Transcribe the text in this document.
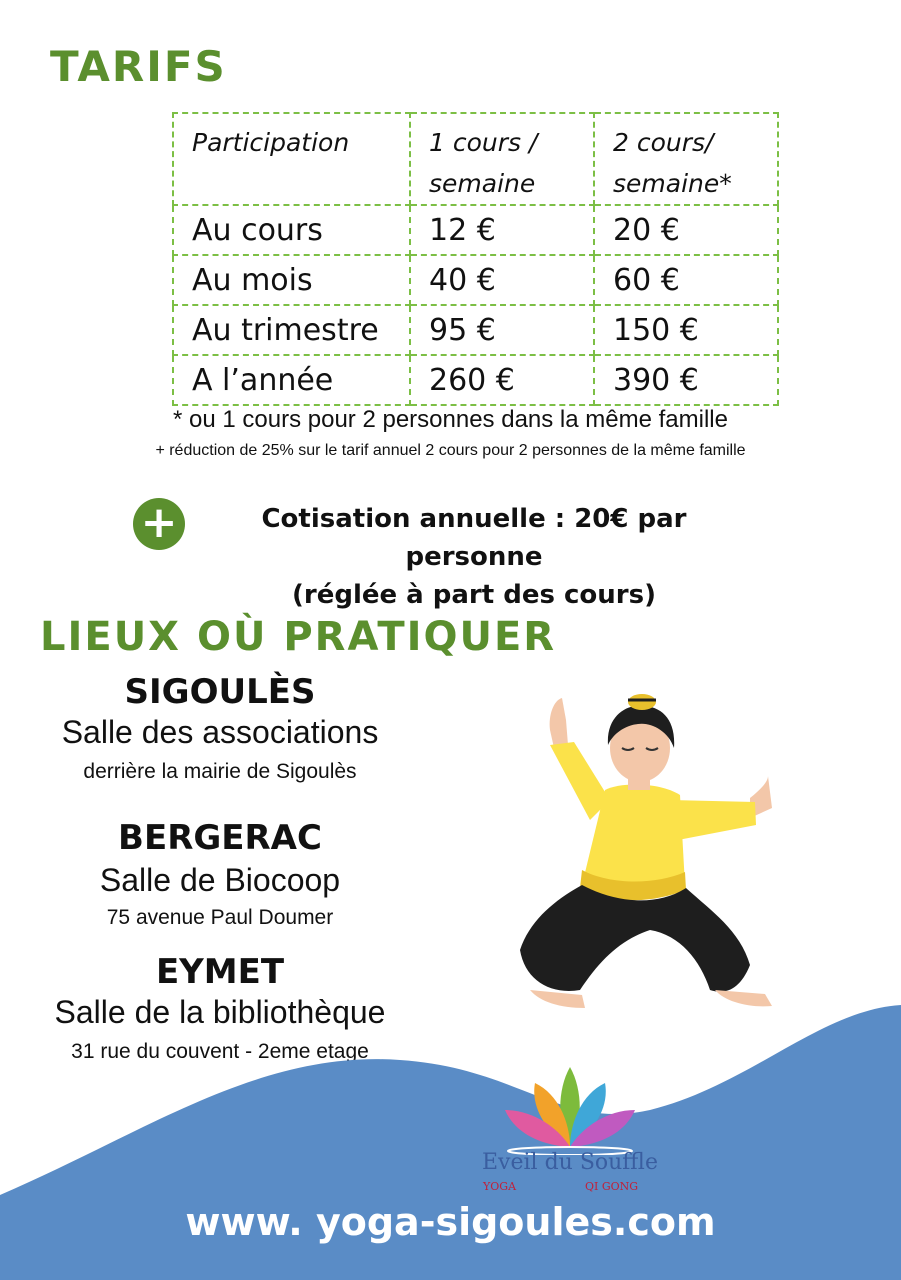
TARIFS
Participation	1 cours / semaine	2 cours/ semaine*
Au cours	12 €	20 €
Au mois	40 €	60 €
Au trimestre	95 €	150 €
A l’année	260 €	390 €
* ou 1 cours pour 2 personnes dans la même famille
+ réduction de 25% sur le tarif annuel 2 cours pour 2 personnes de la même famille
+	Cotisation annuelle : 20€ par personne
(réglée à part des cours)
LIEUX OÙ PRATIQUER
SIGOULÈS
Salle des associations
derrière la mairie de Sigoulès
BERGERAC
Salle de Biocoop
75 avenue Paul Doumer
EYMET
Salle de la bibliothèque
31 rue du couvent - 2eme etage
Eveil du Souffle
YOGA	QI GONG
www. yoga-sigoules.com
